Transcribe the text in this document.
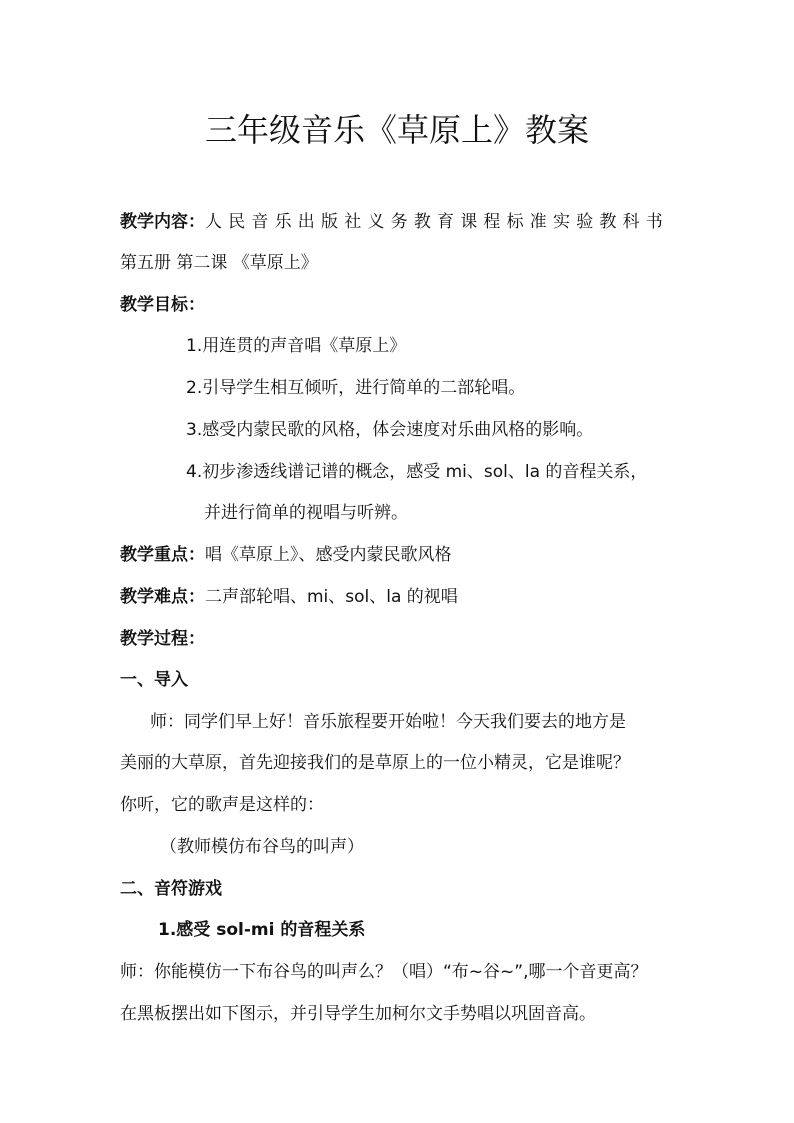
三年级音乐《草原上》教案
教学内容：人民音乐出版社义务教育课程标准实验教科书
第五册 第二课 《草原上》
教学目标：
1.用连贯的声音唱《草原上》
2.引导学生相互倾听，进行简单的二部轮唱。
3.感受内蒙民歌的风格，体会速度对乐曲风格的影响。
4.初步渗透线谱记谱的概念，感受 mi、sol、la 的音程关系，
并进行简单的视唱与听辨。
教学重点：唱《草原上》、感受内蒙民歌风格
教学难点：二声部轮唱、mi、sol、la 的视唱
教学过程：
一、导入
师：同学们早上好！音乐旅程要开始啦！今天我们要去的地方是
美丽的大草原，首先迎接我们的是草原上的一位小精灵，它是谁呢？
你听，它的歌声是这样的：
（教师模仿布谷鸟的叫声）
二、音符游戏
1.感受 sol-mi 的音程关系
师：你能模仿一下布谷鸟的叫声么？（唱）“布~谷~”,哪一个音更高？
在黑板摆出如下图示，并引导学生加柯尔文手势唱以巩固音高。
